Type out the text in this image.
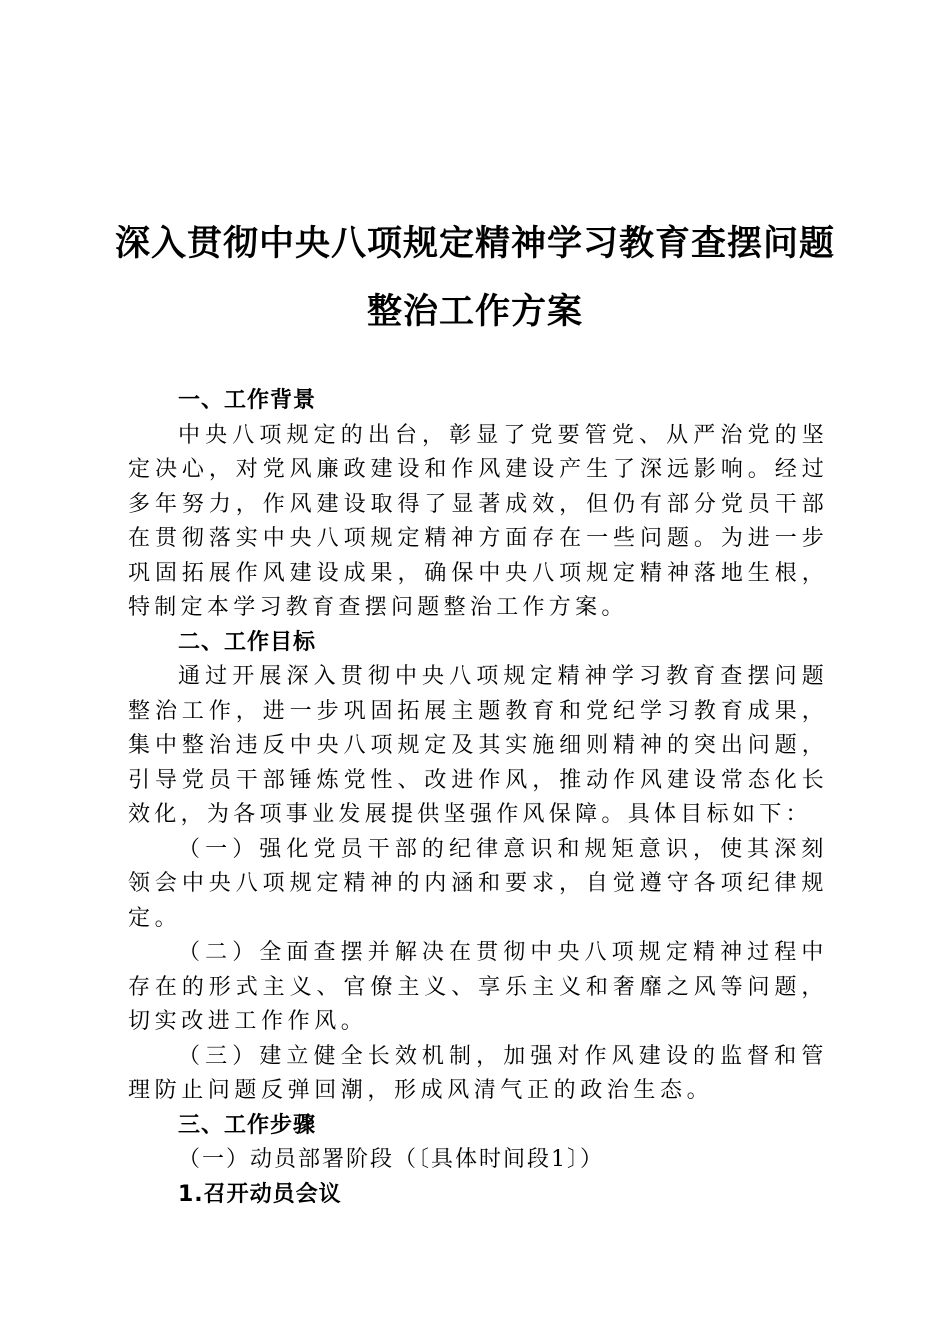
深入贯彻中央八项规定精神学习教育查摆问题
整治工作方案
一、工作背景

中央八项规定的出台，彰显了党要管党、从严治党的坚定决心，对党风廉政建设和作风建设产生了深远影响。经过多年努力，作风建设取得了显著成效，但仍有部分党员干部在贯彻落实中央八项规定精神方面存在一些问题。为进一步巩固拓展作风建设成果，确保中央八项规定精神落地生根，特制定本学习教育查摆问题整治工作方案。

二、工作目标

通过开展深入贯彻中央八项规定精神学习教育查摆问题整治工作，进一步巩固拓展主题教育和党纪学习教育成果，集中整治违反中央八项规定及其实施细则精神的突出问题，引导党员干部锤炼党性、改进作风，推动作风建设常态化长效化，为各项事业发展提供坚强作风保障。具体目标如下：

（一）强化党员干部的纪律意识和规矩意识，使其深刻领会中央八项规定精神的内涵和要求，自觉遵守各项纪律规定。

（二）全面查摆并解决在贯彻中央八项规定精神过程中存在的形式主义、官僚主义、享乐主义和奢靡之风等问题，切实改进工作作风。

（三）建立健全长效机制，加强对作风建设的监督和管理防止问题反弹回潮，形成风清气正的政治生态。

三、工作步骤

（一）动员部署阶段（〔具体时间段1〕）

1.召开动员会议
